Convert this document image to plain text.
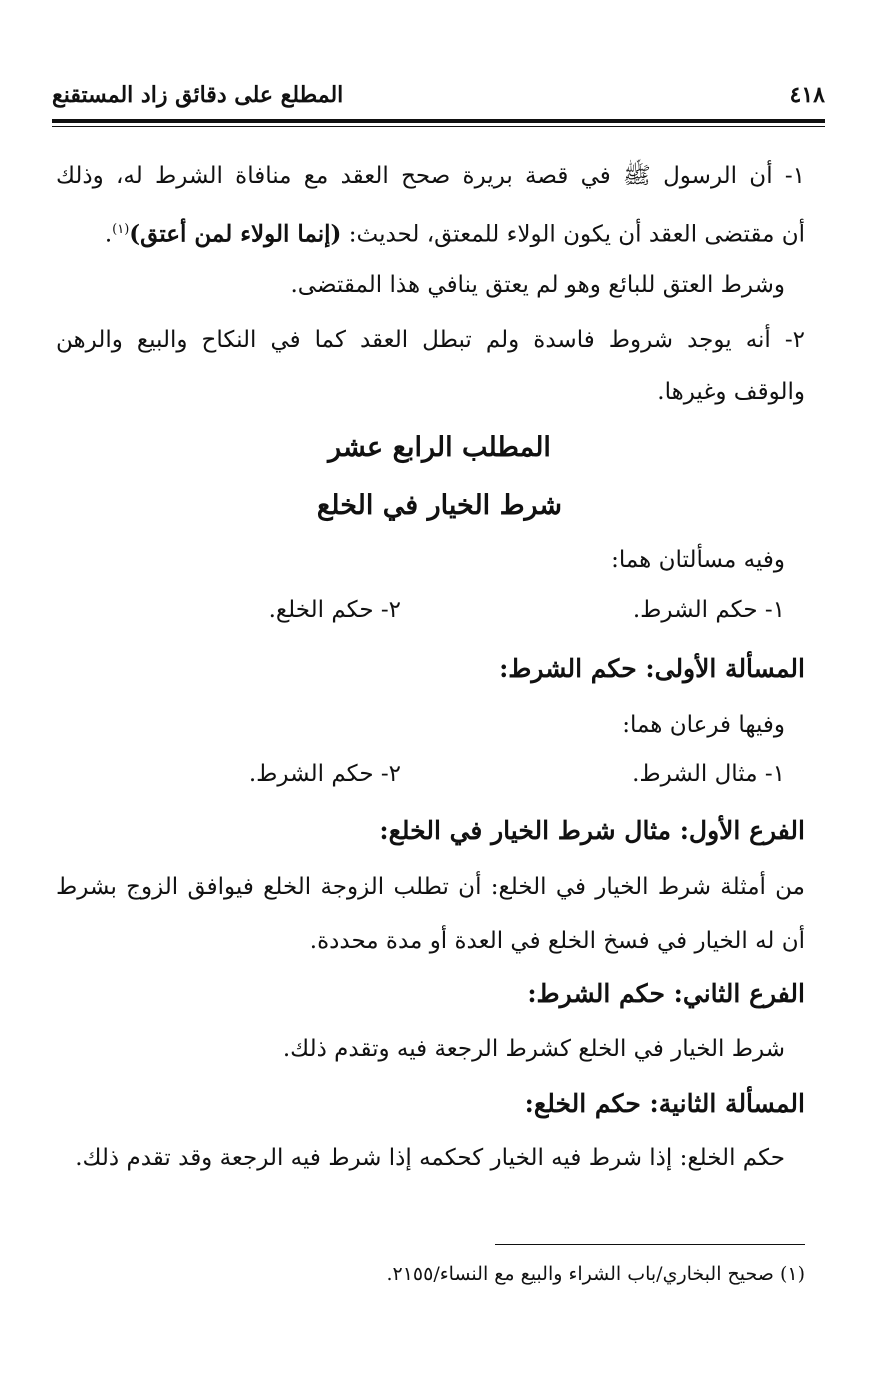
٤١٨
المطلع على دقائق زاد المستقنع
١- أن الرسول ﷺ في قصة بريرة صحح العقد مع منافاة الشرط له، وذلك
أن مقتضى العقد أن يكون الولاء للمعتق، لحديث: (إنما الولاء لمن أعتق)$^{(١)}$.
وشرط العتق للبائع وهو لم يعتق ينافي هذا المقتضى.
٢- أنه يوجد شروط فاسدة ولم تبطل العقد كما في النكاح والبيع والرهن
والوقف وغيرها.
المطلب الرابع عشر
شرط الخيار في الخلع
وفيه مسألتان هما:
١- حكم الشرط.
٢- حكم الخلع.
المسألة الأولى: حكم الشرط:
وفيها فرعان هما:
١- مثال الشرط.
٢- حكم الشرط.
الفرع الأول: مثال شرط الخيار في الخلع:
من أمثلة شرط الخيار في الخلع: أن تطلب الزوجة الخلع فيوافق الزوج بشرط
أن له الخيار في فسخ الخلع في العدة أو مدة محددة.
الفرع الثاني: حكم الشرط:
شرط الخيار في الخلع كشرط الرجعة فيه وتقدم ذلك.
المسألة الثانية: حكم الخلع:
حكم الخلع: إذا شرط فيه الخيار كحكمه إذا شرط فيه الرجعة وقد تقدم ذلك.
(١) صحيح البخاري/باب الشراء والبيع مع النساء/٢١٥٥.
